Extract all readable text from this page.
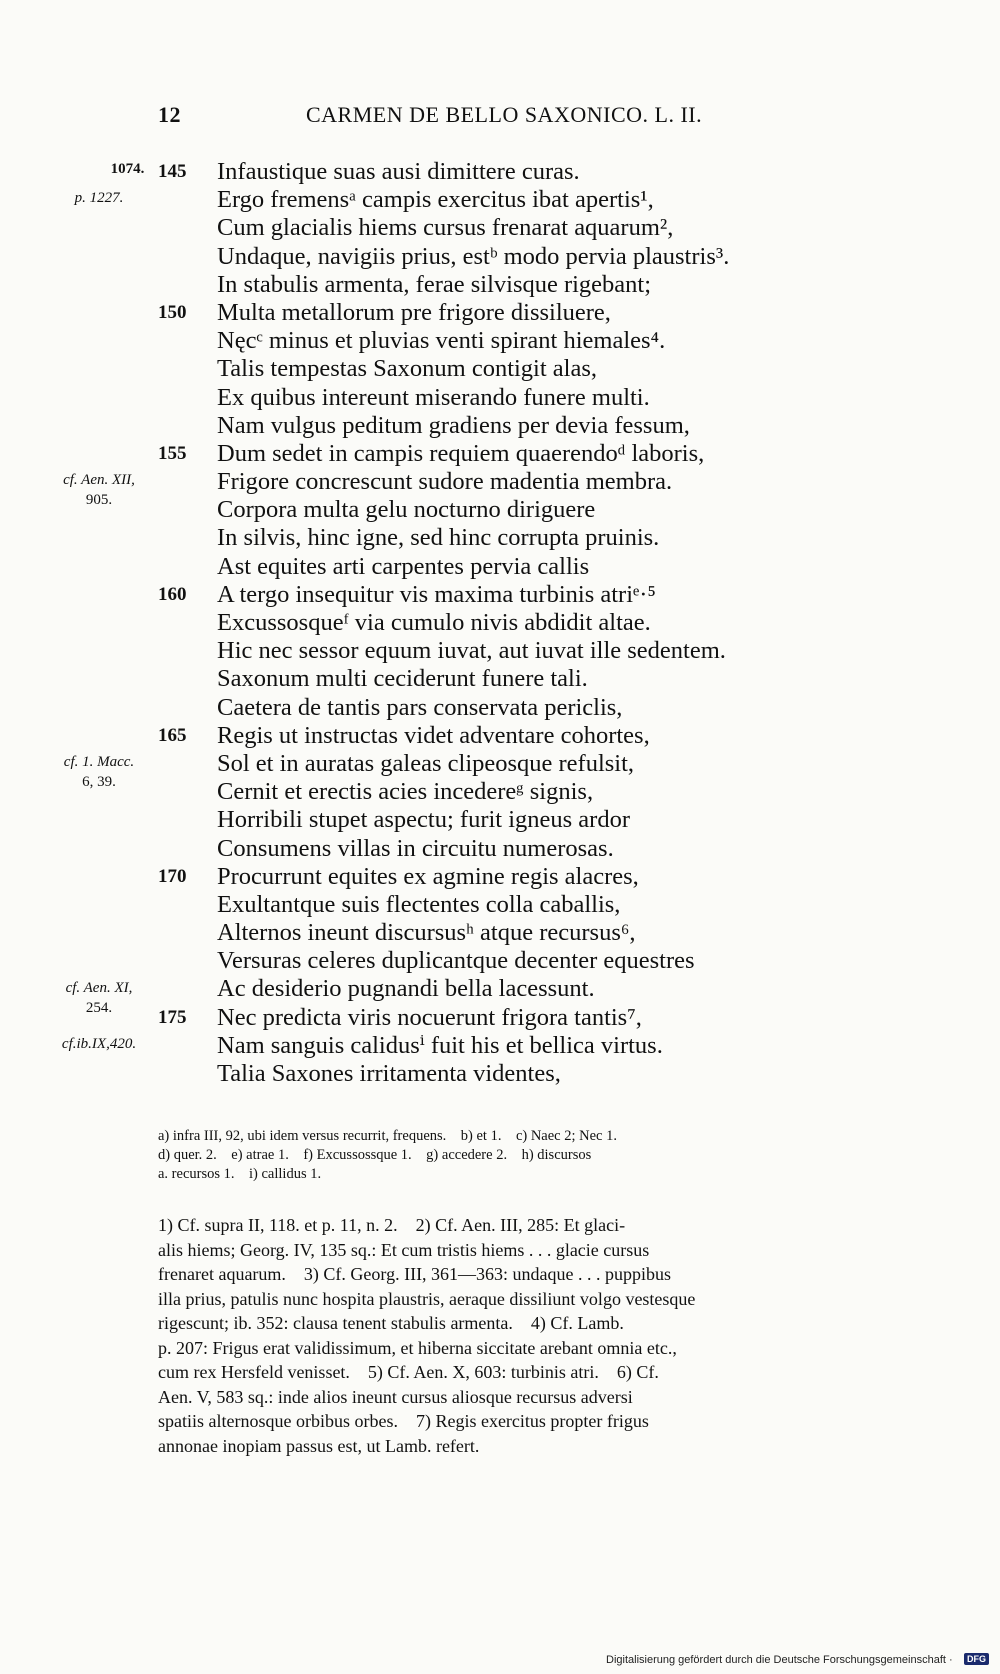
12	CARMEN DE BELLO SAXONICO. L. II.
145	Infaustique suas ausi dimittere curas.
Ergo fremensᵃ campis exercitus ibat apertis¹,
Cum glacialis hiems cursus frenarat aquarum²,
Undaque, navigiis prius, estᵇ modo pervia plaustris³.
In stabulis armenta, ferae silvisque rigebant;
150	Multa metallorum pre frigore dissiluere,
Nęcᶜ minus et pluvias venti spirant hiemales⁴.
Talis tempestas Saxonum contigit alas,
Ex quibus intereunt miserando funere multi.
Nam vulgus peditum gradiens per devia fessum,
155	Dum sedet in campis requiem quaerendoᵈ laboris,
Frigore concrescunt sudore madentia membra.
Corpora multa gelu nocturno diriguere
In silvis, hinc igne, sed hinc corrupta pruinis.
Ast equites arti carpentes pervia callis
160	A tergo insequitur vis maxima turbinis atriᵉ·⁵
Excussosqueᶠ via cumulo nivis abdidit altae.
Hic nec sessor equum iuvat, aut iuvat ille sedentem.
Saxonum multi ceciderunt funere tali.
Caetera de tantis pars conservata periclis,
165	Regis ut instructas videt adventare cohortes,
Sol et in auratas galeas clipeosque refulsit,
Cernit et erectis acies incedereᵍ signis,
Horribili stupet aspectu; furit igneus ardor
Consumens villas in circuitu numerosas.
170	Procurrunt equites ex agmine regis alacres,
Exultantque suis flectentes colla caballis,
Alternos ineunt discursusʰ atque recursus⁶,
Versuras celeres duplicantque decenter equestres
Ac desiderio pugnandi bella lacessunt.
175	Nec predicta viris nocuerunt frigora tantis⁷,
Nam sanguis calidusⁱ fuit his et bellica virtus.
Talia Saxones irritamenta videntes,

a) infra III, 92, ubi idem versus recurrit, frequens.    b) et 1.    c) Naec 2; Nec 1.

d) quer. 2.    e) atrae 1.    f) Excussossque 1.    g) accedere 2.    h) discursos

a. recursos 1.    i) callidus 1.

1) Cf. supra II, 118. et p. 11, n. 2.    2) Cf. Aen. III, 285: Et glaci-

alis hiems; Georg. IV, 135 sq.: Et cum tristis hiems . . . glacie cursus

frenaret aquarum.    3) Cf. Georg. III, 361—363: undaque . . . puppibus

illa prius, patulis nunc hospita plaustris, aeraque dissiliunt volgo vestesque

rigescunt; ib. 352: clausa tenent stabulis armenta.    4) Cf. Lamb.

p. 207: Frigus erat validissimum, et hiberna siccitate arebant omnia etc.,

cum rex Hersfeld venisset.    5) Cf. Aen. X, 603: turbinis atri.    6) Cf.

Aen. V, 583 sq.: inde alios ineunt cursus aliosque recursus adversi

spatiis alternosque orbibus orbes.    7) Regis exercitus propter frigus

annonae inopiam passus est, ut Lamb. refert.

Digitalisierung gefördert durch die Deutsche Forschungsgemeinschaft ·	DFG
1074.
p. 1227.
cf. Aen. XII,
905.
cf. 1. Macc.
6, 39.
cf. Aen. XI,
254.
cf.ib.IX,420.
